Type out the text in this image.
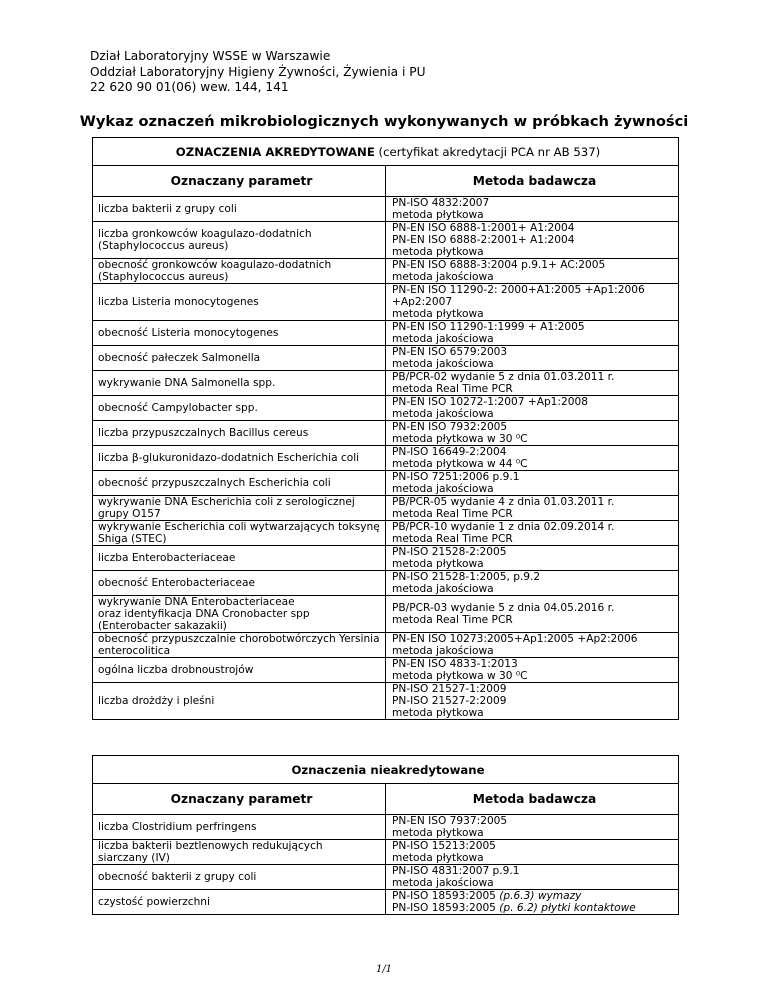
Dział Laboratoryjny WSSE w Warszawie
Oddział Laboratoryjny Higieny Żywności, Żywienia i PU
22 620 90 01(06) wew. 144, 141
Wykaz oznaczeń mikrobiologicznych wykonywanych w próbkach żywności
OZNACZENIA AKREDYTOWANE (certyfikat akredytacji PCA nr AB 537)	
Oznaczany parametr	Metoda badawcza

liczba bakterii z grupy coli	PN-ISO 4832:2007
metoda płytkowa

liczba gronkowców koagulazo-dodatnich
(Staphylococcus aureus)	PN-EN ISO 6888-1:2001+ A1:2004
PN-EN ISO 6888-2:2001+ A1:2004
metoda płytkowa

obecność gronkowców koagulazo-dodatnich
(Staphylococcus aureus)	PN-EN ISO 6888-3:2004 p.9.1+ AC:2005
metoda jakościowa

liczba Listeria monocytogenes	PN-EN ISO 11290-2: 2000+A1:2005 +Ap1:2006
+Ap2:2007
metoda płytkowa

obecność Listeria monocytogenes	PN-EN ISO 11290-1:1999 + A1:2005
metoda jakościowa

obecność pałeczek Salmonella	PN-EN ISO 6579:2003
metoda jakościowa

wykrywanie DNA Salmonella spp.	PB/PCR-02 wydanie 5 z dnia 01.03.2011 r.
metoda Real Time PCR

obecność Campylobacter spp.	PN-EN ISO 10272-1:2007 +Ap1:2008
metoda jakościowa

liczba przypuszczalnych Bacillus cereus	PN-EN ISO 7932:2005
metoda płytkowa w 30 ⁰C

liczba β-glukuronidazo-dodatnich Escherichia coli	PN-ISO 16649-2:2004
metoda płytkowa w 44 ⁰C

obecność przypuszczalnych Escherichia coli	PN-ISO 7251:2006 p.9.1
metoda jakościowa

wykrywanie DNA Escherichia coli z serologicznej
grupy O157	PB/PCR-05 wydanie 4 z dnia 01.03.2011 r.
metoda Real Time PCR

wykrywanie Escherichia coli wytwarzających toksynę
Shiga (STEC)	PB/PCR-10 wydanie 1 z dnia 02.09.2014 r.
metoda Real Time PCR

liczba Enterobacteriaceae	PN-ISO 21528-2:2005
metoda płytkowa

obecność Enterobacteriaceae	PN-ISO 21528-1:2005, p.9.2
metoda jakościowa

wykrywanie DNA Enterobacteriaceae
oraz identyfikacja DNA Cronobacter spp
(Enterobacter sakazakii)	PB/PCR-03 wydanie 5 z dnia 04.05.2016 r.
metoda Real Time PCR

obecność przypuszczalnie chorobotwórczych Yersinia
enterocolitica	PN-EN ISO 10273:2005+Ap1:2005 +Ap2:2006
metoda jakościowa

ogólna liczba drobnoustrojów	PN-EN ISO 4833-1:2013
metoda płytkowa w 30 ⁰C

liczba drożdży i pleśni	PN-ISO 21527-1:2009
PN-ISO 21527-2:2009
metoda płytkowa
Oznaczenia nieakredytowane	
Oznaczany parametr	Metoda badawcza

liczba Clostridium perfringens	PN-EN ISO 7937:2005
metoda płytkowa

liczba bakterii beztlenowych redukujących
siarczany (IV)	PN-ISO 15213:2005
metoda płytkowa

obecność bakterii z grupy coli	PN-ISO 4831:2007 p.9.1
metoda jakościowa

czystość powierzchni	PN-ISO 18593:2005 (p.6.3) wymazy
PN-ISO 18593:2005 (p. 6.2) płytki kontaktowe
1/1
